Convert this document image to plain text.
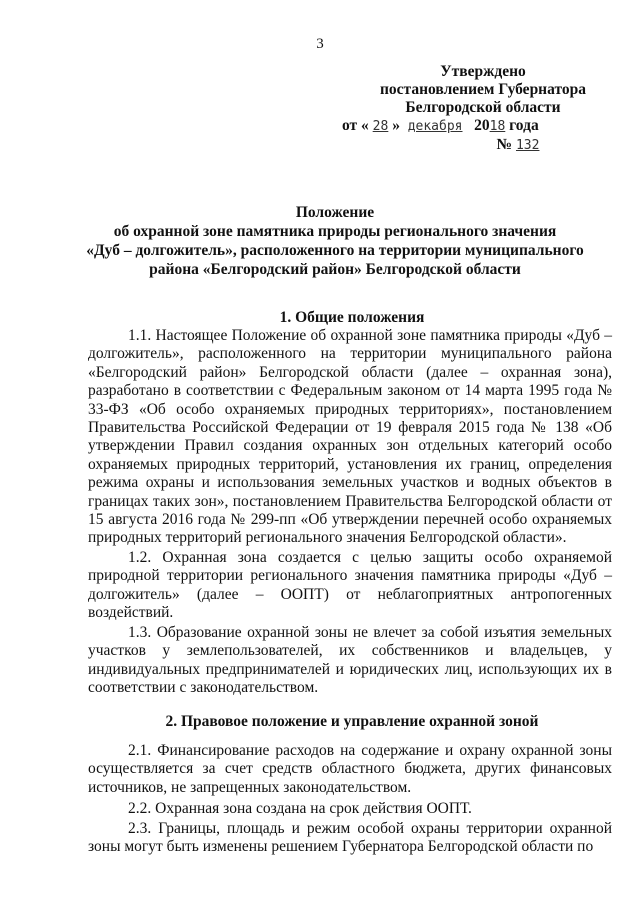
3
Утверждено
постановлением Губернатора
Белгородской области
от « 28 » декабря 2018 года
№ 132
Положение
об охранной зоне памятника природы регионального значения
«Дуб – долгожитель», расположенного на территории муниципального
района «Белгородский район» Белгородской области
1. Общие положения

1.1. Настоящее Положение об охранной зоне памятника природы «Дуб – долгожитель», расположенного на территории муниципального района «Белгородский район» Белгородской области (далее – охранная зона), разработано в соответствии с Федеральным законом от 14 марта 1995 года № 33-ФЗ «Об особо охраняемых природных территориях», постановлением Правительства Российской Федерации от 19 февраля 2015 года № 138 «Об утверждении Правил создания охранных зон отдельных категорий особо охраняемых природных территорий, установления их границ, определения режима охраны и использования земельных участков и водных объектов в границах таких зон», постановлением Правительства Белгородской области от 15 августа 2016 года № 299-пп «Об утверждении перечней особо охраняемых природных территорий регионального значения Белгородской области».

1.2. Охранная зона создается с целью защиты особо охраняемой природной территории регионального значения памятника природы «Дуб – долгожитель» (далее – ООПТ) от неблагоприятных антропогенных воздействий.

1.3. Образование охранной зоны не влечет за собой изъятия земельных участков у землепользователей, их собственников и владельцев, у индивидуальных предпринимателей и юридических лиц, использующих их в соответствии с законодательством.

2. Правовое положение и управление охранной зоной

2.1. Финансирование расходов на содержание и охрану охранной зоны осуществляется за счет средств областного бюджета, других финансовых источников, не запрещенных законодательством.

2.2. Охранная зона создана на срок действия ООПТ.

2.3. Границы, площадь и режим особой охраны территории охранной зоны могут быть изменены решением Губернатора Белгородской области по
